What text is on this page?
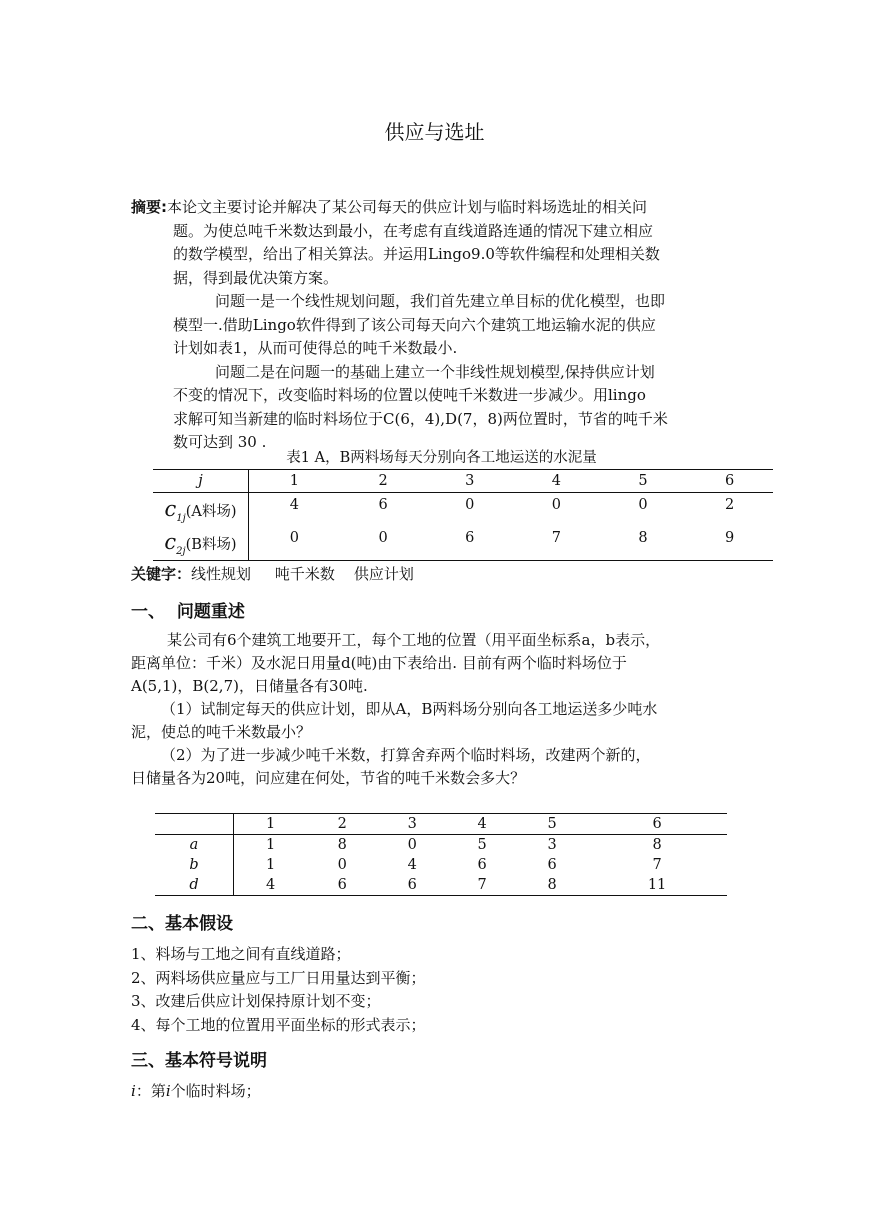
供应与选址

摘要:本论文主要讨论并解决了某公司每天的供应计划与临时料场选址的相关问
题。为使总吨千米数达到最小，在考虑有直线道路连通的情况下建立相应
的数学模型，给出了相关算法。并运用Lingo9.0等软件编程和处理相关数
据，得到最优决策方案。

问题一是一个线性规划问题，我们首先建立单目标的优化模型，也即
模型一.借助Lingo软件得到了该公司每天向六个建筑工地运输水泥的供应
计划如表1，从而可使得总的吨千米数最小.

问题二是在问题一的基础上建立一个非线性规划模型,保持供应计划
不变的情况下，改变临时料场的位置以使吨千米数进一步减少。用lingo
求解可知当新建的临时料场位于C(6，4),D(7，8)两位置时，节省的吨千米
数可达到 30 .

表1 A，B两料场每天分别向各工地运送的水泥量
j	1	2	3	4	5	6
$c_{1j}(A$料场)	4	6	0	0	0	2
$c_{2j}(B$料场)	0	0	6	7	8	9
关键字：线性规划     吨千米数    供应计划
一、  问题重述

某公司有6个建筑工地要开工，每个工地的位置（用平面坐标系a，b表示，
距离单位：千米）及水泥日用量d(吨)由下表给出. 目前有两个临时料场位于
A(5,1)，B(2,7)，日储量各有30吨.

（1）试制定每天的供应计划，即从A，B两料场分别向各工地运送多少吨水
泥，使总的吨千米数最小？

（2）为了进一步减少吨千米数，打算舍弃两个临时料场，改建两个新的，
日储量各为20吨，问应建在何处，节省的吨千米数会多大？

	1	2	3	4	5	6
a	1	8	0	5	3	8
b	1	0	4	6	6	7
d	4	6	6	7	8	11
二、基本假设
1、料场与工地之间有直线道路；
2、两料场供应量应与工厂日用量达到平衡；
3、改建后供应计划保持原计划不变；
4、每个工地的位置用平面坐标的形式表示；
三、基本符号说明
i：第i个临时料场；
